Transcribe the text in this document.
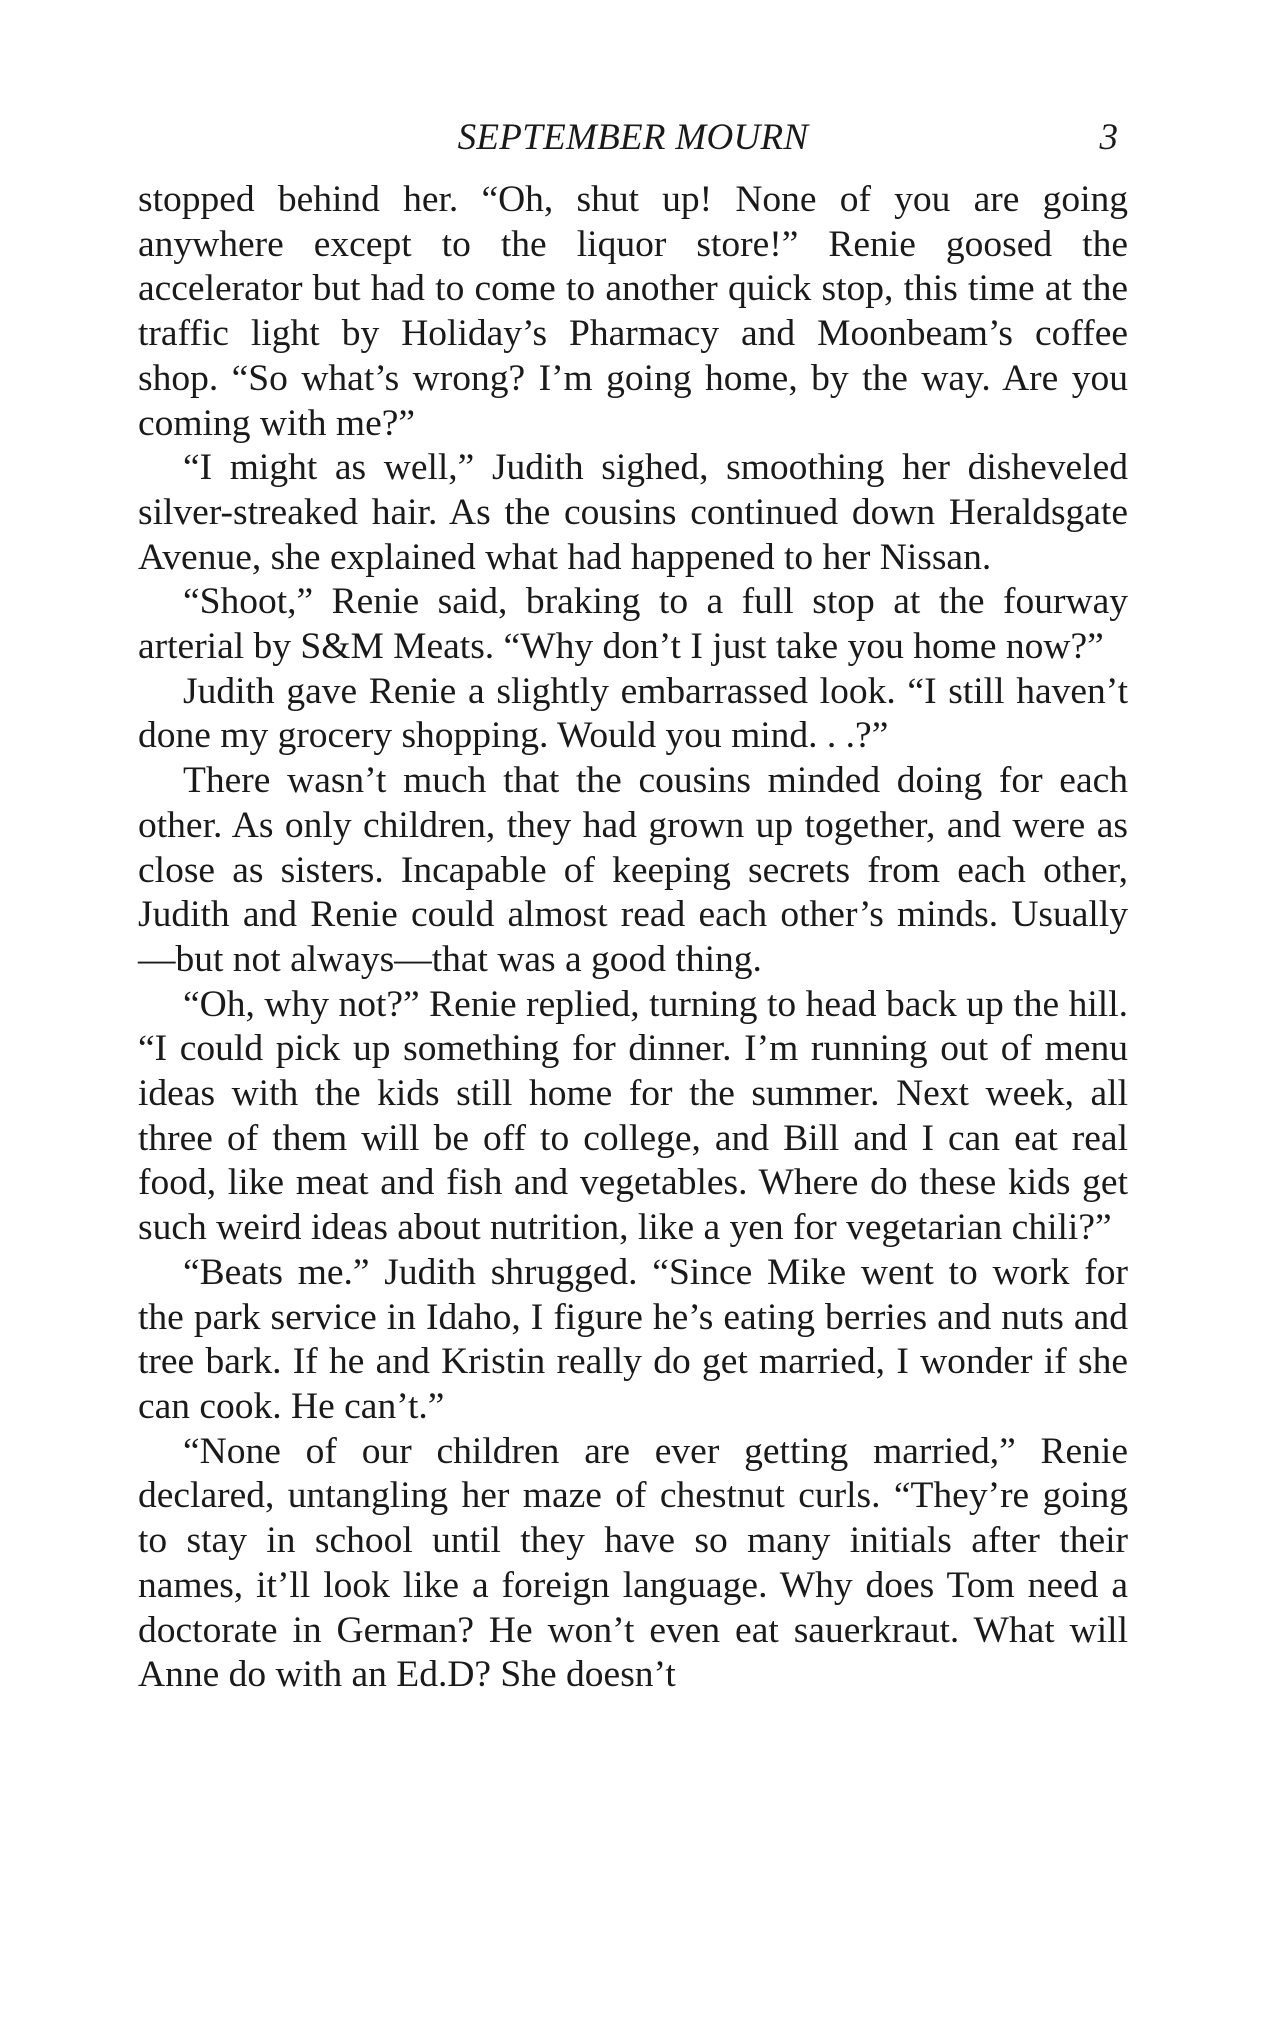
SEPTEMBER MOURN	3

stopped behind her. “Oh, shut up! None of you are going anywhere except to the liquor store!” Renie goosed the accelerator but had to come to another quick stop, this time at the traffic light by Holiday’s Pharmacy and Moonbeam’s coffee shop. “So what’s wrong? I’m going home, by the way. Are you coming with me?”

“I might as well,” Judith sighed, smoothing her disheveled silver-streaked hair. As the cousins continued down Heraldsgate Avenue, she explained what had happened to her Nissan.

“Shoot,” Renie said, braking to a full stop at the fourway arterial by S&M Meats. “Why don’t I just take you home now?”

Judith gave Renie a slightly embarrassed look. “I still haven’t done my grocery shopping. Would you mind. . .?”

There wasn’t much that the cousins minded doing for each other. As only children, they had grown up together, and were as close as sisters. Incapable of keeping secrets from each other, Judith and Renie could almost read each other’s minds. Usually—but not always—that was a good thing.

“Oh, why not?” Renie replied, turning to head back up the hill. “I could pick up something for dinner. I’m running out of menu ideas with the kids still home for the summer. Next week, all three of them will be off to college, and Bill and I can eat real food, like meat and fish and vegetables. Where do these kids get such weird ideas about nutrition, like a yen for vegetarian chili?”

“Beats me.” Judith shrugged. “Since Mike went to work for the park service in Idaho, I figure he’s eating berries and nuts and tree bark. If he and Kristin really do get married, I wonder if she can cook. He can’t.”

“None of our children are ever getting married,” Renie declared, untangling her maze of chestnut curls. “They’re going to stay in school until they have so many initials after their names, it’ll look like a foreign language. Why does Tom need a doctorate in German? He won’t even eat sauerkraut. What will Anne do with an Ed.D? She doesn’t
